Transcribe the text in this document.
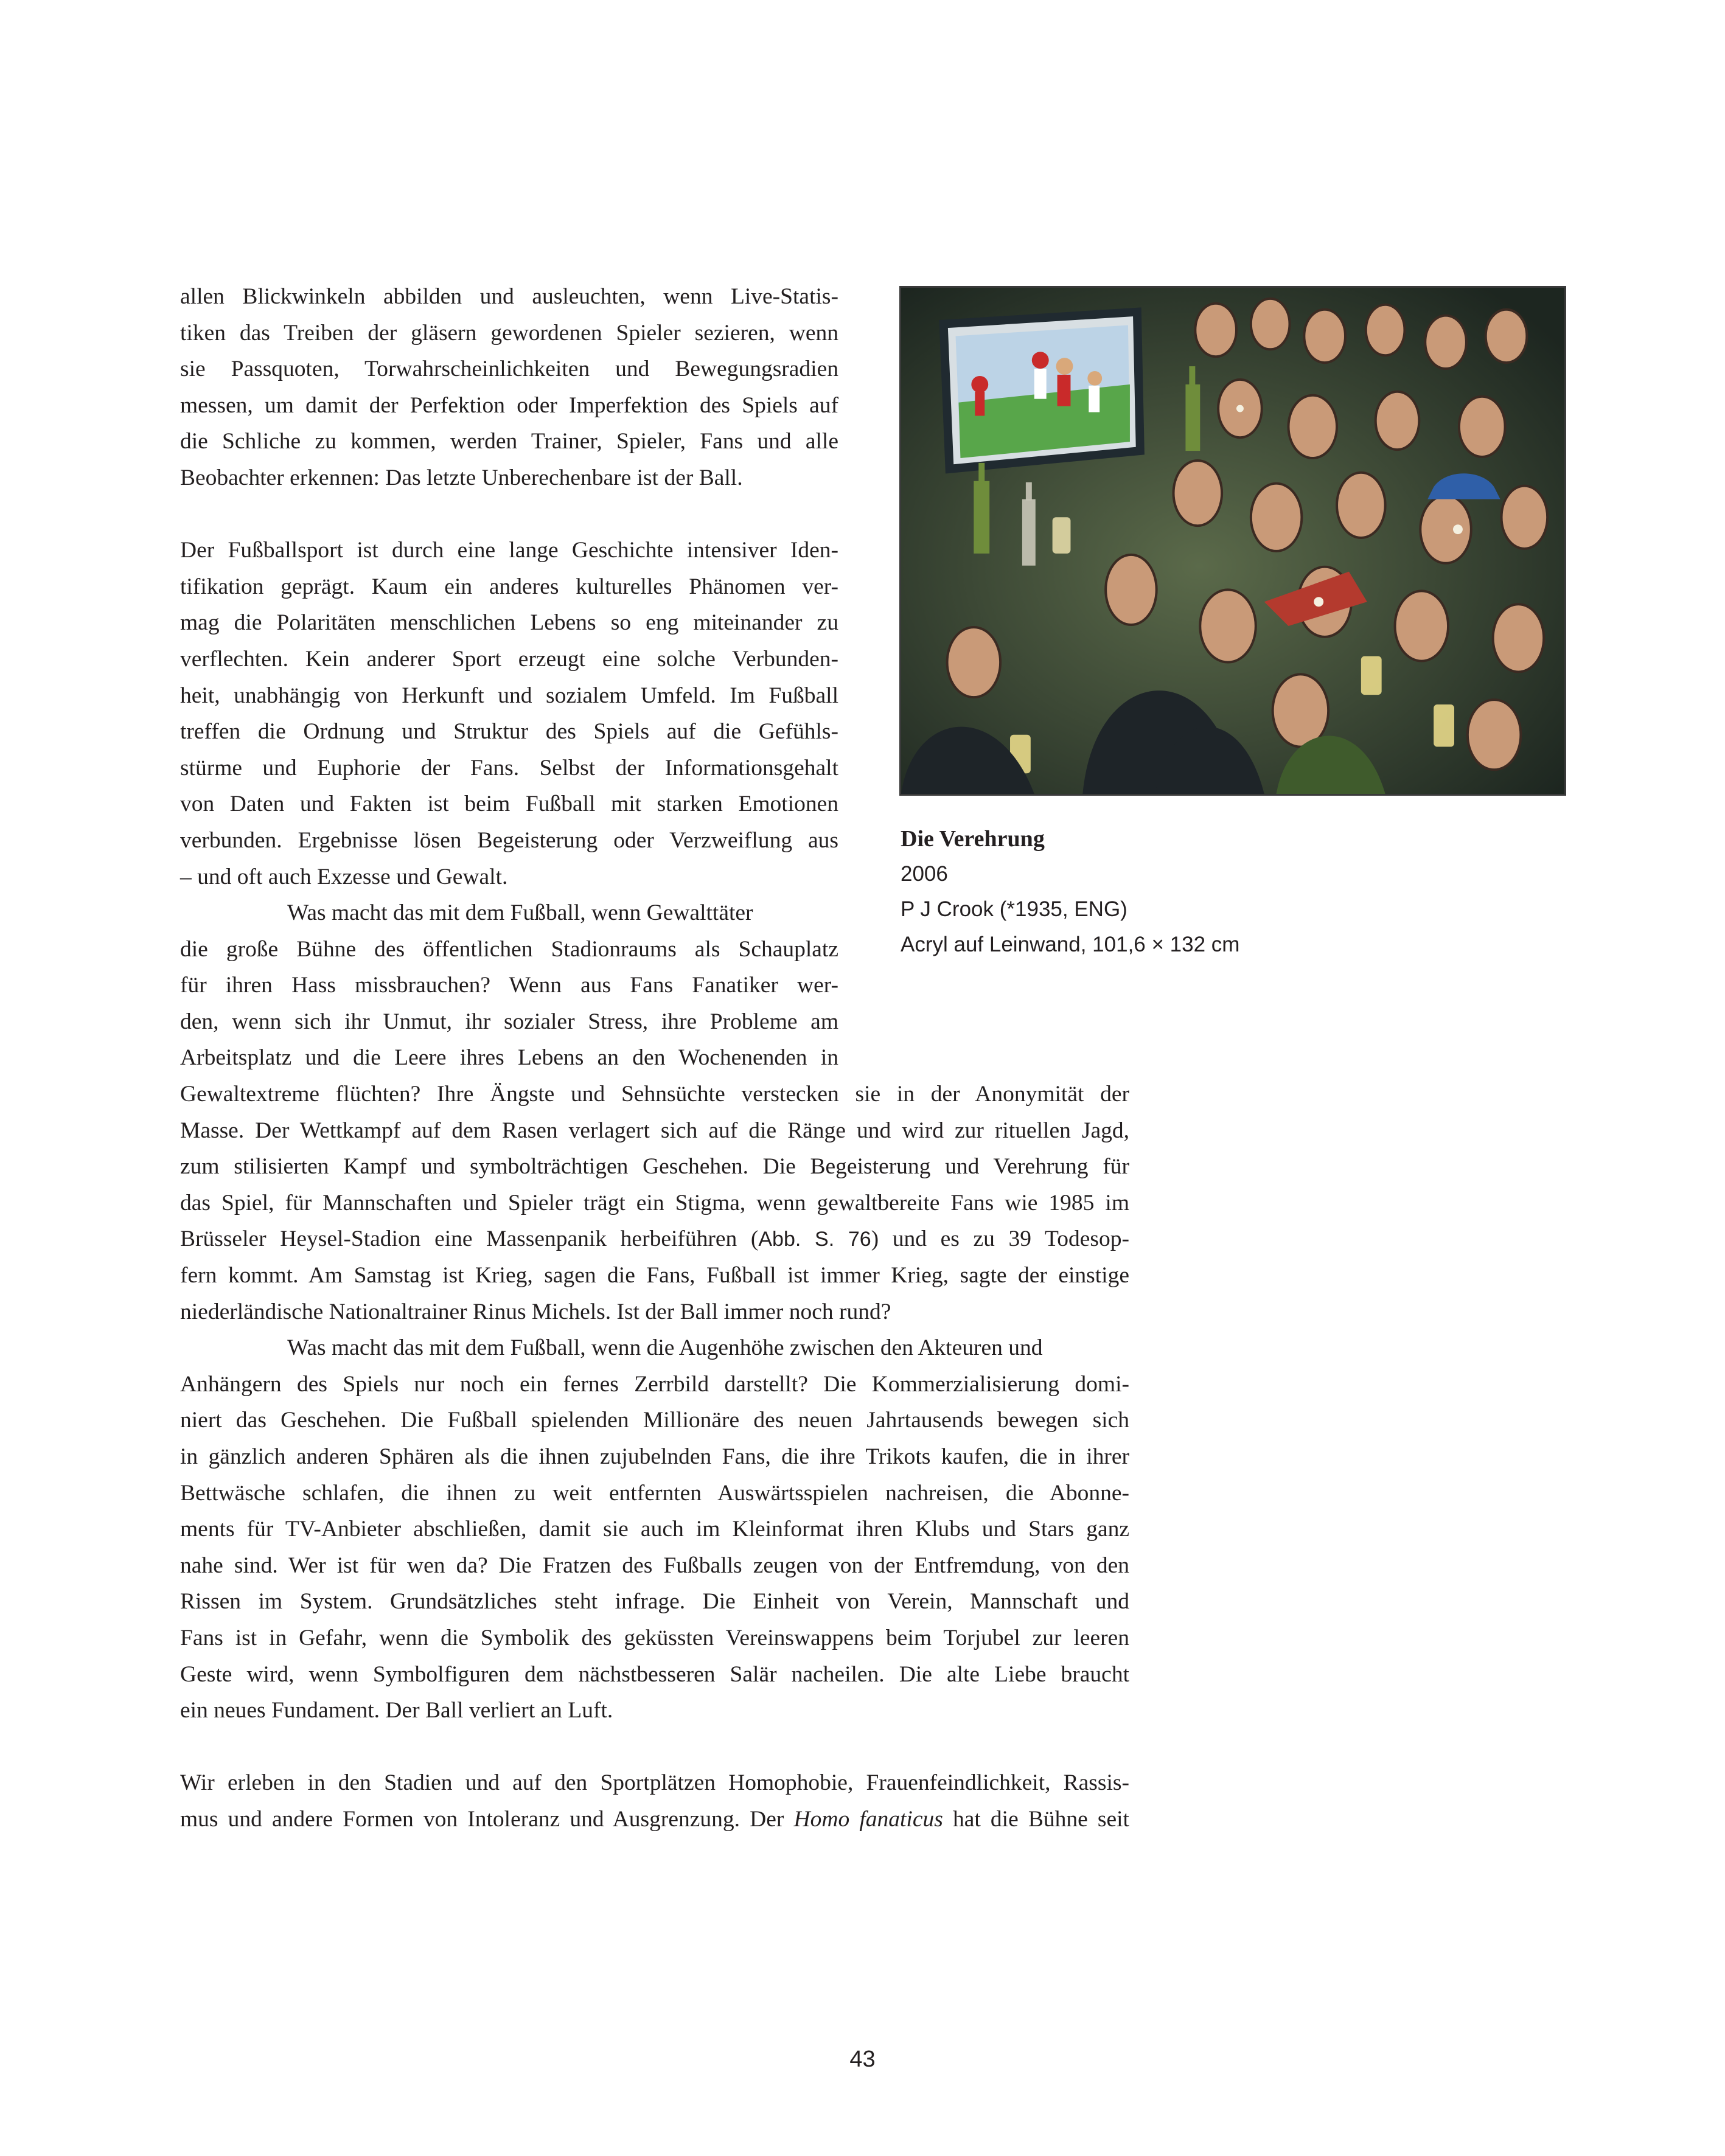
allen Blickwinkeln abbilden und ausleuchten, wenn Live-Statis-
tiken das Treiben der gläsern gewordenen Spieler sezieren, wenn
sie Passquoten, Torwahrscheinlichkeiten und Bewegungsradien
messen, um damit der Perfektion oder Imperfektion des Spiels auf
die Schliche zu kommen, werden Trainer, Spieler, Fans und alle
Beobachter erkennen: Das letzte Unberechenbare ist der Ball.
Der Fußballsport ist durch eine lange Geschichte intensiver Iden-
tifikation geprägt. Kaum ein anderes kulturelles Phänomen ver-
mag die Polaritäten menschlichen Lebens so eng miteinander zu
verflechten. Kein anderer Sport erzeugt eine solche Verbunden-
heit, unabhängig von Herkunft und sozialem Umfeld. Im Fußball
treffen die Ordnung und Struktur des Spiels auf die Gefühls-
stürme und Euphorie der Fans. Selbst der Informationsgehalt
von Daten und Fakten ist beim Fußball mit starken Emotionen
verbunden. Ergebnisse lösen Begeisterung oder Verzweiflung aus
– und oft auch Exzesse und Gewalt.
Was macht das mit dem Fußball, wenn Gewalttäter
die große Bühne des öffentlichen Stadionraums als Schauplatz
für ihren Hass missbrauchen? Wenn aus Fans Fanatiker wer-
den, wenn sich ihr Unmut, ihr sozialer Stress, ihre Probleme am
Arbeitsplatz und die Leere ihres Lebens an den Wochenenden in
Gewaltextreme flüchten? Ihre Ängste und Sehnsüchte verstecken sie in der Anonymität der
Masse. Der Wettkampf auf dem Rasen verlagert sich auf die Ränge und wird zur rituellen Jagd,
zum stilisierten Kampf und symbolträchtigen Geschehen. Die Begeisterung und Verehrung für
das Spiel, für Mannschaften und Spieler trägt ein Stigma, wenn gewaltbereite Fans wie 1985 im
Brüsseler Heysel-Stadion eine Massenpanik herbeiführen (Abb. S. 76) und es zu 39 Todesop-
fern kommt. Am Samstag ist Krieg, sagen die Fans, Fußball ist immer Krieg, sagte der einstige
niederländische Nationaltrainer Rinus Michels. Ist der Ball immer noch rund?
Was macht das mit dem Fußball, wenn die Augenhöhe zwischen den Akteuren und
Anhängern des Spiels nur noch ein fernes Zerrbild darstellt? Die Kommerzialisierung domi-
niert das Geschehen. Die Fußball spielenden Millionäre des neuen Jahrtausends bewegen sich
in gänzlich anderen Sphären als die ihnen zujubelnden Fans, die ihre Trikots kaufen, die in ihrer
Bettwäsche schlafen, die ihnen zu weit entfernten Auswärtsspielen nachreisen, die Abonne-
ments für TV-Anbieter abschließen, damit sie auch im Kleinformat ihren Klubs und Stars ganz
nahe sind. Wer ist für wen da? Die Fratzen des Fußballs zeugen von der Entfremdung, von den
Rissen im System. Grundsätzliches steht infrage. Die Einheit von Verein, Mannschaft und
Fans ist in Gefahr, wenn die Symbolik des geküssten Vereinswappens beim Torjubel zur leeren
Geste wird, wenn Symbolfiguren dem nächstbesseren Salär nacheilen. Die alte Liebe braucht
ein neues Fundament. Der Ball verliert an Luft.
Wir erleben in den Stadien und auf den Sportplätzen Homophobie, Frauenfeindlichkeit, Rassis-
mus und andere Formen von Intoleranz und Ausgrenzung. Der Homo fanaticus hat die Bühne seit
Die Verehrung
2006
P J Crook (*1935, ENG)
Acryl auf Leinwand, 101,6 × 132 cm
43
